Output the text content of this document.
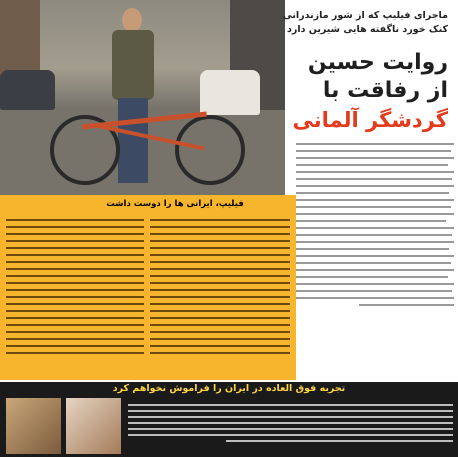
ماجرای فیلیپ که از شور مازندرانی
کنک خورد ناگفته هایی شیرین دارد
روایت حسین
از رفاقت با
گردشگر آلمانی
فیلیپ، ایرانی ها را دوست داشت
تجربه فوق العاده در ایران را فراموش نخواهم کرد
